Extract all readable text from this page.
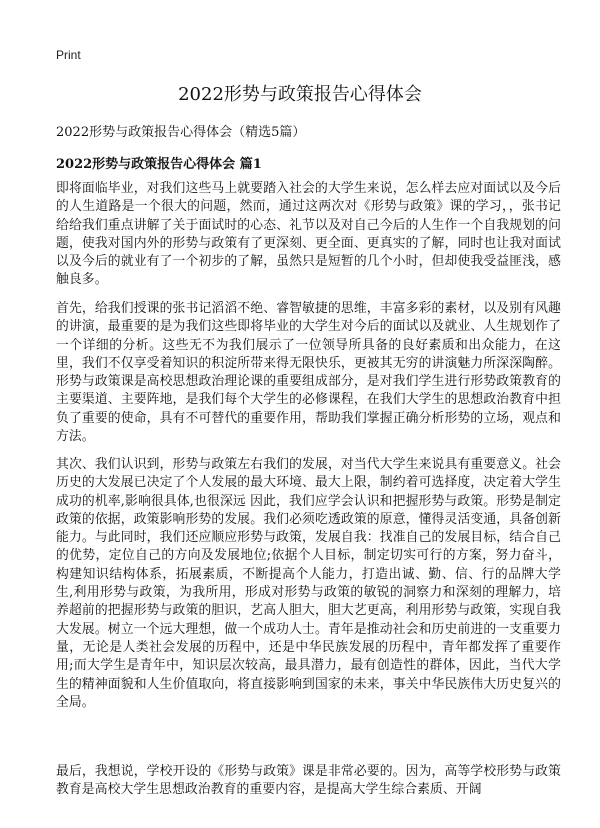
Print
2022形势与政策报告心得体会

2022形势与政策报告心得体会（精选5篇）

2022形势与政策报告心得体会 篇1

即将面临毕业，对我们这些马上就要踏入社会的大学生来说，怎么样去应对面试以及今后的人生道路是一个很大的问题，然而，通过这两次对《形势与政策》课的学习，，张书记给给我们重点讲解了关于面试时的心态、礼节以及对自己今后的人生作一个自我规划的问题，使我对国内外的形势与政策有了更深刻、更全面、更真实的了解，同时也让我对面试以及今后的就业有了一个初步的了解，虽然只是短暂的几个小时，但却使我受益匪浅，感触良多。

首先，给我们授课的张书记滔滔不绝、睿智敏捷的思维，丰富多彩的素材，以及别有风趣的讲演，最重要的是为我们这些即将毕业的大学生对今后的面试以及就业、人生规划作了一个详细的分析。这些无不为我们展示了一位领导所具备的良好素质和出众能力，在这里，我们不仅享受着知识的积淀所带来得无限快乐，更被其无穷的讲演魅力所深深陶醉。形势与政策课是高校思想政治理论课的重要组成部分，是对我们学生进行形势政策教育的主要渠道、主要阵地，是我们每个大学生的必修课程，在我们大学生的思想政治教育中担负了重要的使命，具有不可替代的重要作用，帮助我们掌握正确分析形势的立场，观点和方法。

其次、我们认识到，形势与政策左右我们的发展，对当代大学生来说具有重要意义。社会历史的大发展已决定了个人发展的最大环境、最大上限，制约着可选择度，决定着大学生成功的机率,影响很具体,也很深远 因此，我们应学会认识和把握形势与政策。形势是制定政策的依据，政策影响形势的发展。我们必须吃透政策的原意，懂得灵活变通，具备创新能力。与此同时，我们还应顺应形势与政策，发展自我：找准自己的发展目标，结合自己的优势，定位自己的方向及发展地位;依据个人目标，制定切实可行的方案，努力奋斗，构建知识结构体系，拓展素质，不断提高个人能力，打造出诚、勤、信、行的品牌大学生,利用形势与政策，为我所用，形成对形势与政策的敏锐的洞察力和深刻的理解力，培养超前的把握形势与政策的胆识，艺高人胆大，胆大艺更高，利用形势与政策，实现自我大发展。树立一个远大理想，做一个成功人士。青年是推动社会和历史前进的一支重要力量，无论是人类社会发展的历程中，还是中华民族发展的历程中，青年都发挥了重要作用;而大学生是青年中，知识层次较高，最具潜力，最有创造性的群体，因此，当代大学生的精神面貌和人生价值取向，将直接影响到国家的未来，事关中华民族伟大历史复兴的全局。

最后，我想说，学校开设的《形势与政策》课是非常必要的。因为，高等学校形势与政策教育是高校大学生思想政治教育的重要内容，是提高大学生综合素质、开阔
